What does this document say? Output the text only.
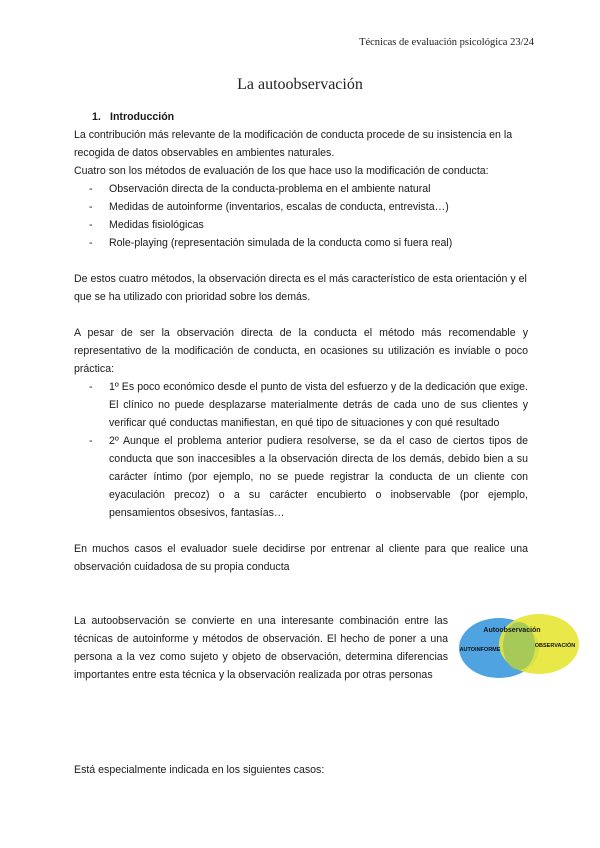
Técnicas de evaluación psicológica 23/24
La autoobservación

1. Introducción

La contribución más relevante de la modificación de conducta procede de su insistencia en la recogida de datos observables en ambientes naturales.

Cuatro son los métodos de evaluación de los que hace uso la modificación de conducta:

- Observación directa de la conducta-problema en el ambiente natural
- Medidas de autoinforme (inventarios, escalas de conducta, entrevista…)
- Medidas fisiológicas
- Role-playing (representación simulada de la conducta como si fuera real)

De estos cuatro métodos, la observación directa es el más característico de esta orientación y el que se ha utilizado con prioridad sobre los demás.

A pesar de ser la observación directa de la conducta el método más recomendable y representativo de la modificación de conducta, en ocasiones su utilización es inviable o poco práctica:

- 1º Es poco económico desde el punto de vista del esfuerzo y de la dedicación que exige. El clínico no puede desplazarse materialmente detrás de cada uno de sus clientes y verificar qué conductas manifiestan, en qué tipo de situaciones y con qué resultado
- 2º Aunque el problema anterior pudiera resolverse, se da el caso de ciertos tipos de conducta que son inaccesibles a la observación directa de los demás, debido bien a su carácter íntimo (por ejemplo, no se puede registrar la conducta de un cliente con eyaculación precoz) o a su carácter encubierto o inobservable (por ejemplo, pensamientos obsesivos, fantasías…

En muchos casos el evaluador suele decidirse por entrenar al cliente para que realice una observación cuidadosa de su propia conducta

La autoobservación se convierte en una interesante combinación entre las técnicas de autoinforme y métodos de observación. El hecho de poner a una persona a la vez como sujeto y objeto de observación, determina diferencias importantes entre esta técnica y la observación realizada por otras personas

Autoobservación
AUTOINFORME
OBSERVACIÓN

Está especialmente indicada en los siguientes casos:
